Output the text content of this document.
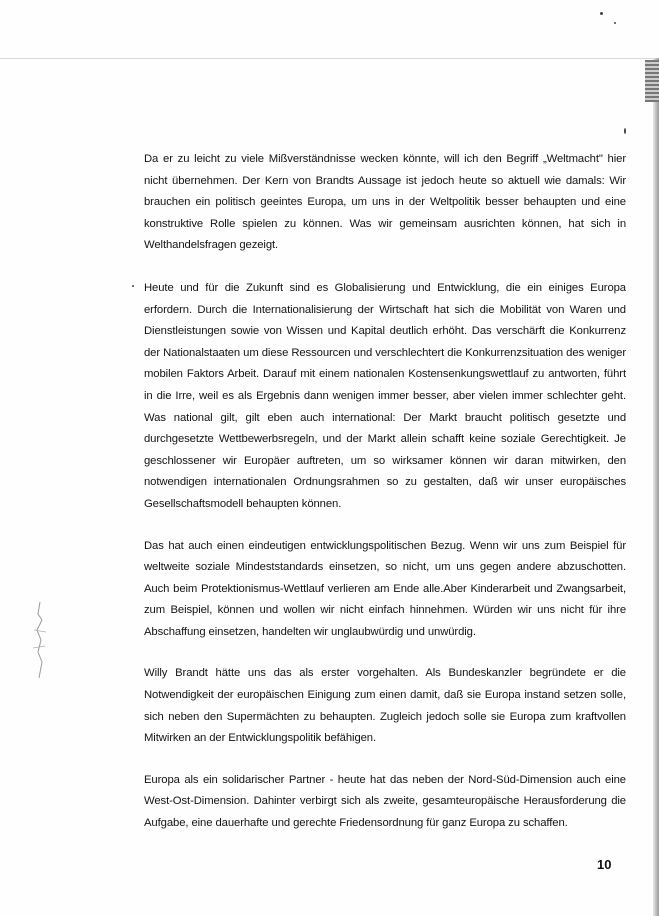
Da er zu leicht zu viele Mißverständnisse wecken könnte, will ich den Begriff „Weltmacht" hier nicht übernehmen. Der Kern von Brandts Aussage ist jedoch heute so aktuell wie damals: Wir brauchen ein politisch geeintes Europa, um uns in der Weltpolitik besser behaupten und eine konstruktive Rolle spielen zu können. Was wir gemeinsam ausrichten können, hat sich in Welthandelsfragen gezeigt.

Heute und für die Zukunft sind es Globalisierung und Entwicklung, die ein einiges Europa erfordern. Durch die Internationalisierung der Wirtschaft hat sich die Mobilität von Waren und Dienstleistungen sowie von Wissen und Kapital deutlich erhöht. Das verschärft die Konkurrenz der Nationalstaaten um diese Ressourcen und verschlechtert die Konkurrenzsituation des weniger mobilen Faktors Arbeit. Darauf mit einem nationalen Kostensenkungswettlauf zu antworten, führt in die Irre, weil es als Ergebnis dann wenigen immer besser, aber vielen immer schlechter geht. Was national gilt, gilt eben auch international: Der Markt braucht politisch gesetzte und durchgesetzte Wettbewerbsregeln, und der Markt allein schafft keine soziale Gerechtigkeit. Je geschlossener wir Europäer auftreten, um so wirksamer können wir daran mitwirken, den notwendigen internationalen Ordnungsrahmen so zu gestalten, daß wir unser europäisches Gesellschaftsmodell behaupten können.

Das hat auch einen eindeutigen entwicklungspolitischen Bezug. Wenn wir uns zum Beispiel für weltweite soziale Mindeststandards einsetzen, so nicht, um uns gegen andere abzuschotten. Auch beim Protektionismus-Wettlauf verlieren am Ende alle.Aber Kinderarbeit und Zwangsarbeit, zum Beispiel, können und wollen wir nicht einfach hinnehmen. Würden wir uns nicht für ihre Abschaffung einsetzen, handelten wir unglaubwürdig und unwürdig.

Willy Brandt hätte uns das als erster vorgehalten. Als Bundeskanzler begründete er die Notwendigkeit der europäischen Einigung zum einen damit, daß sie Europa instand setzen solle, sich neben den Supermächten zu behaupten. Zugleich jedoch solle sie Europa zum kraftvollen Mitwirken an der Entwicklungspolitik befähigen.

Europa als ein solidarischer Partner - heute hat das neben der Nord-Süd-Dimension auch eine West-Ost-Dimension. Dahinter verbirgt sich als zweite, gesamteuropäische Herausforderung die Aufgabe, eine dauerhafte und gerechte Friedensordnung für ganz Europa zu schaffen.

10
